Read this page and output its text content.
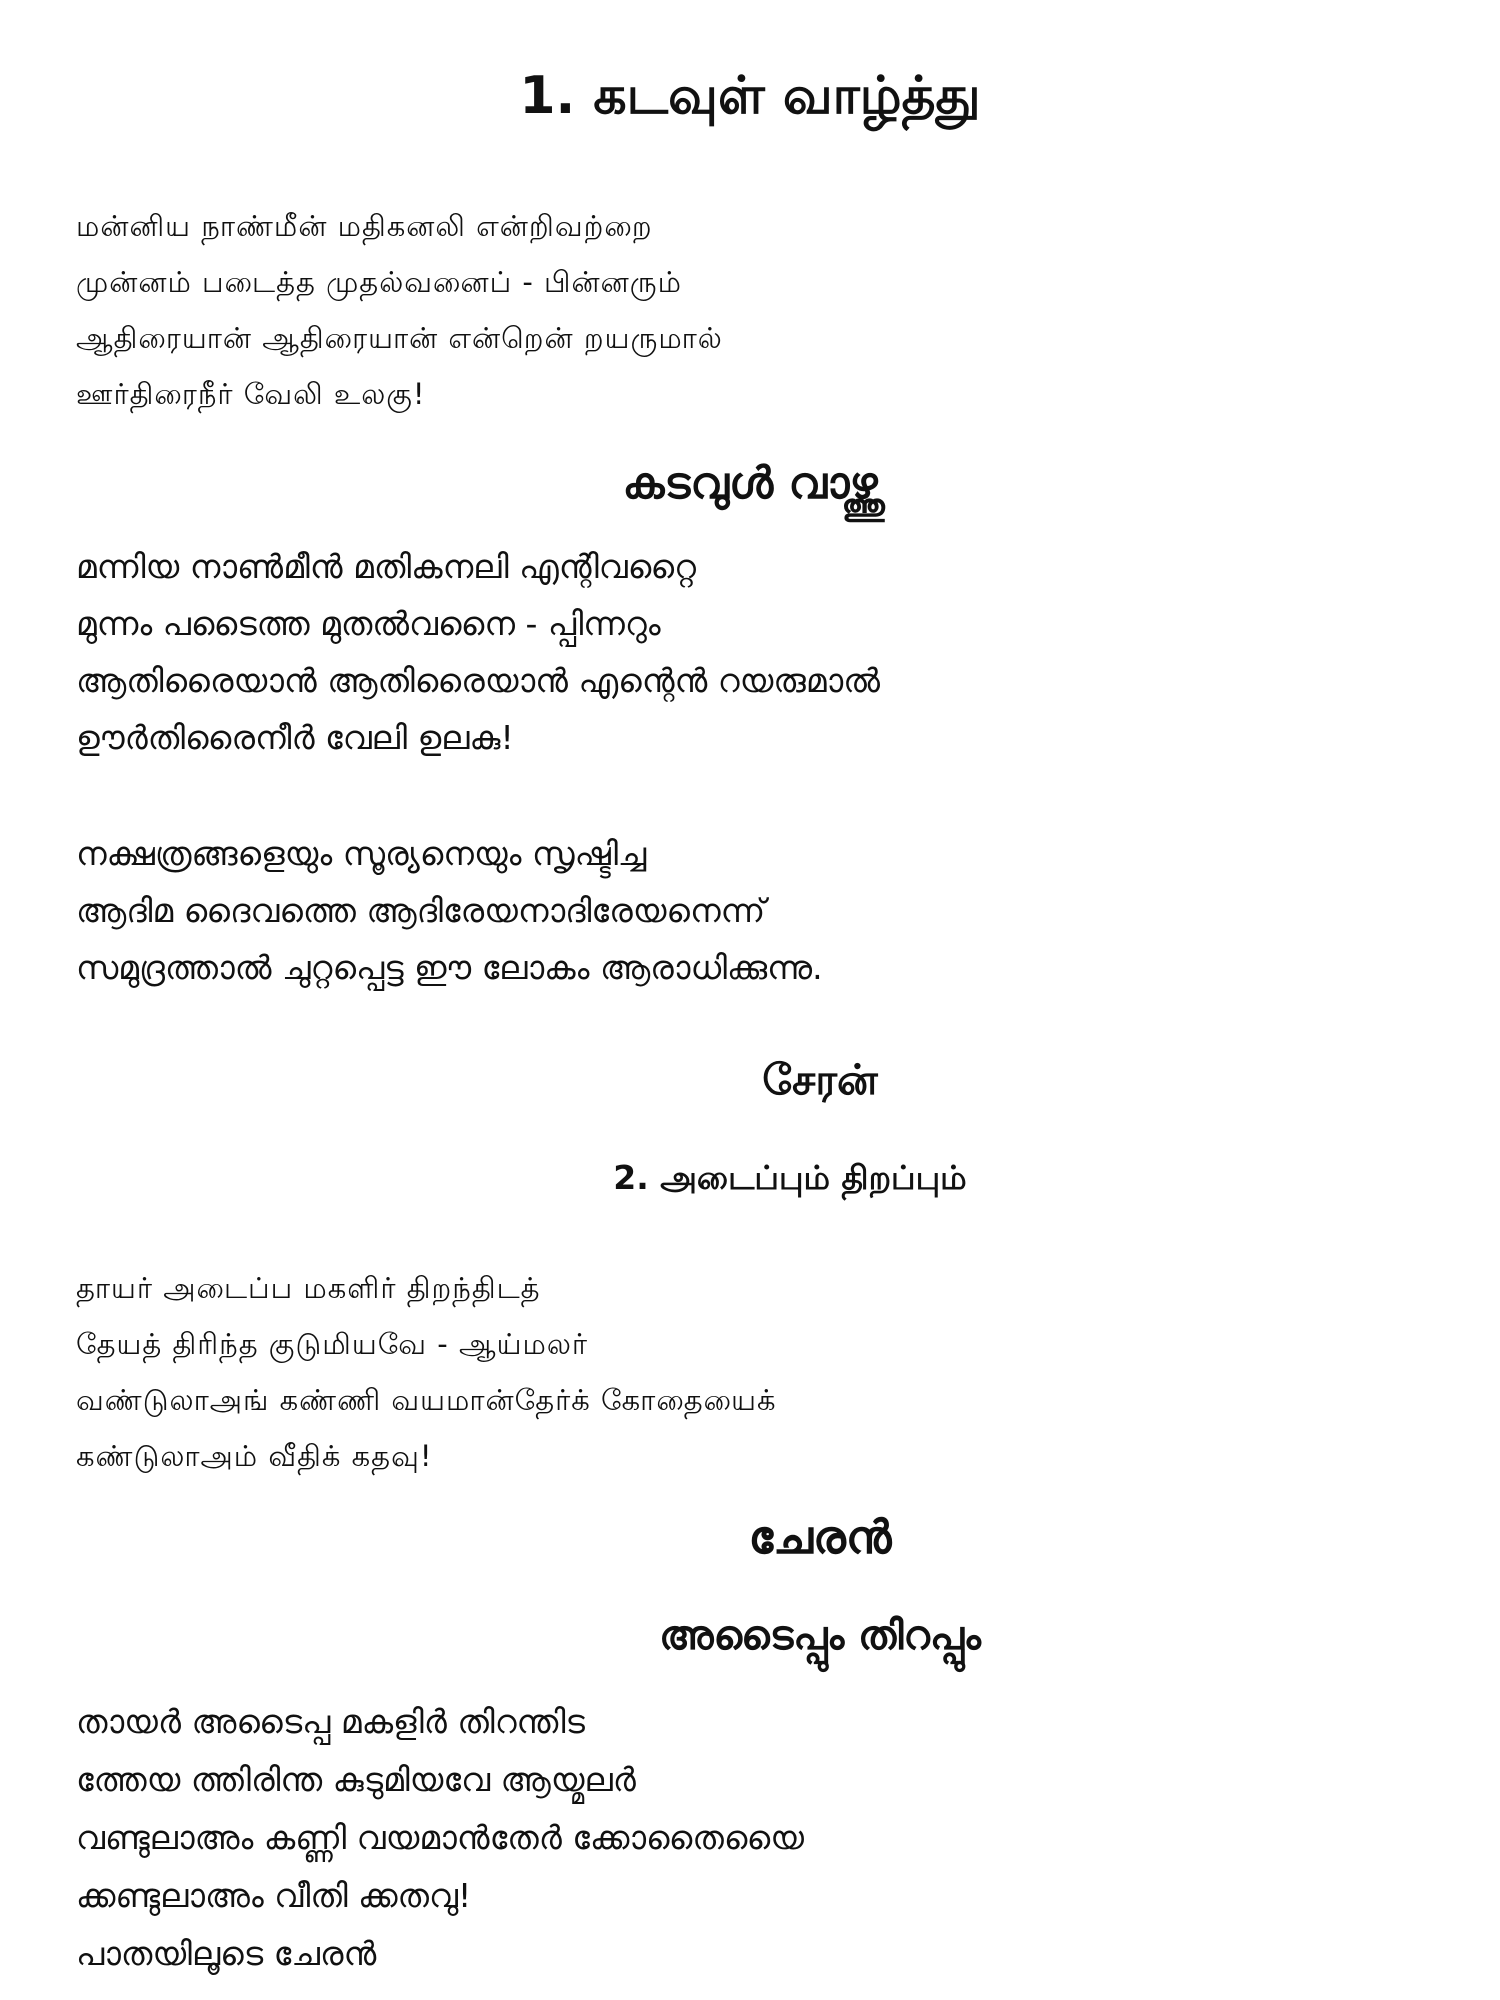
1. கடவுள் வாழ்த்து
மன்னிய நாண்மீன் மதிகனலி என்றிவற்றை
முன்னம் படைத்த முதல்வனைப் - பின்னரும்
ஆதிரையான் ஆதிரையான் என்றென் றயருமால்
ஊர்திரைநீர் வேலி உலகு!
കടവുൾ വാഴ്ത്തു
മന്നിയ നാൺമീൻ മതികനലി എന്റിവറ്റൈ
മുന്നം പടൈത്ത മുതൽവനൈ - പ്പിന്നറും
ആതിരൈയാൻ ആതിരൈയാൻ എന്റെൻ റയരുമാൽ
ഊർതിരൈനീർ വേലി ഉലകു!
നക്ഷത്രങ്ങളെയും സൂര്യനെയും സൃഷ്ടിച്ച
ആദിമ ദൈവത്തെ ആദിരേയനാദിരേയനെന്ന്
സമുദ്രത്താൽ ചുറ്റപ്പെട്ട ഈ ലോകം ആരാധിക്കുന്നു.
சேரன்
2. அடைப்பும் திறப்பும்
தாயர் அடைப்ப மகளிர் திறந்திடத்
தேயத் திரிந்த குடுமியவே - ஆய்மலர்
வண்டுலாஅங் கண்ணி வயமான்தேர்க் கோதையைக்
கண்டுலாஅம் வீதிக் கதவு!
ചേരൻ
അടൈപ്പും തിറപ്പും
തായർ അടൈപ്പ മകളിർ തിറന്തിട
ത്തേയ ത്തിരിന്ത കുടുമിയവേ ആയ്മലർ
വണ്ടുലാഅം കണ്ണി വയമാൻതേർ ക്കോതൈയൈ
ക്കണ്ടുലാഅം വീതി ക്കതവു!
പാതയിലൂടെ ചേരൻ
